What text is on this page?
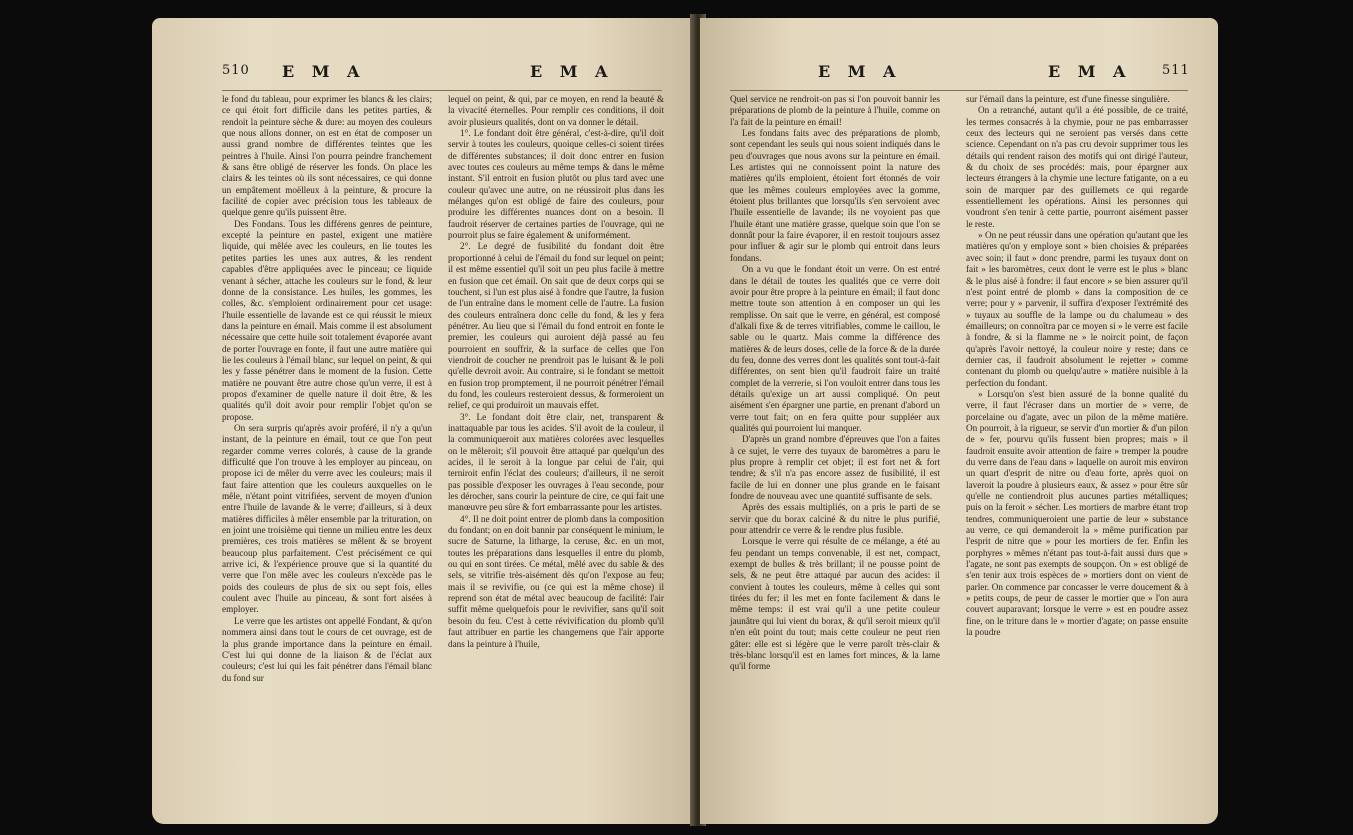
510 E M A	E M A

le fond du tableau, pour exprimer les blancs & les clairs; ce qui étoit fort difficile dans les petites parties, & rendoit la peinture sèche & dure: au moyen des couleurs que nous allons donner, on est en état de composer un aussi grand nombre de différentes teintes que les peintres à l'huile. Ainsi l'on pourra peindre franchement & sans être obligé de réserver les fonds. On place les clairs & les teintes où ils sont nécessaires, ce qui donne un empâtement moëlleux à la peinture, & procure la facilité de copier avec précision tous les tableaux de quelque genre qu'ils puissent être.

Des Fondans. Tous les différens genres de peinture, excepté la peinture en pastel, exigent une matière liquide, qui mêlée avec les couleurs, en lie toutes les petites parties les unes aux autres, & les rendent capables d'être appliquées avec le pinceau; ce liquide venant à sécher, attache les couleurs sur le fond, & leur donne de la consistance. Les huiles, les gommes, les colles, &c. s'emploient ordinairement pour cet usage: l'huile essentielle de lavande est ce qui réussit le mieux dans la peinture en émail. Mais comme il est absolument nécessaire que cette huile soit totalement évaporée avant de porter l'ouvrage en fonte, il faut une autre matière qui lie les couleurs à l'émail blanc, sur lequel on peint, & qui les y fasse pénétrer dans le moment de la fusion. Cette matière ne pouvant être autre chose qu'un verre, il est à propos d'examiner de quelle nature il doit être, & les qualités qu'il doit avoir pour remplir l'objet qu'on se propose.

On sera surpris qu'après avoir proféré, il n'y a qu'un instant, de la peinture en émail, tout ce que l'on peut regarder comme verres colorés, à cause de la grande difficulté que l'on trouve à les employer au pinceau, on propose ici de mêler du verre avec les couleurs; mais il faut faire attention que les couleurs auxquelles on le mêle, n'étant point vitrifiées, servent de moyen d'union entre l'huile de lavande & le verre; d'ailleurs, si à deux matières difficiles à mêler ensemble par la trituration, on en joint une troisième qui tienne un milieu entre les deux premières, ces trois matières se mêlent & se broyent beaucoup plus parfaitement. C'est précisément ce qui arrive ici, & l'expérience prouve que si la quantité du verre que l'on mêle avec les couleurs n'excède pas le poids des couleurs de plus de six ou sept fois, elles coulent avec l'huile au pinceau, & sont fort aisées à employer.

Le verre que les artistes ont appellé Fondant, & qu'on nommera ainsi dans tout le cours de cet ouvrage, est de la plus grande importance dans la peinture en émail. C'est lui qui donne de la liaison & de l'éclat aux couleurs; c'est lui qui les fait pénétrer dans l'émail blanc du fond sur

lequel on peint, & qui, par ce moyen, en rend la beauté & la vivacité éternelles. Pour remplir ces conditions, il doit avoir plusieurs qualités, dont on va donner le détail.

1°. Le fondant doit être général, c'est-à-dire, qu'il doit servir à toutes les couleurs, quoique celles-ci soient tirées de différentes substances; il doit donc entrer en fusion avec toutes ces couleurs au même temps & dans le même instant. S'il entroit en fusion plutôt ou plus tard avec une couleur qu'avec une autre, on ne réussiroit plus dans les mélanges qu'on est obligé de faire des couleurs, pour produire les différentes nuances dont on a besoin. Il faudroit réserver de certaines parties de l'ouvrage, qui ne pourroit plus se faire également & uniformément.

2°. Le degré de fusibilité du fondant doit être proportionné à celui de l'émail du fond sur lequel on peint; il est même essentiel qu'il soit un peu plus facile à mettre en fusion que cet émail. On sait que de deux corps qui se touchent, si l'un est plus aisé à fondre que l'autre, la fusion de l'un entraîne dans le moment celle de l'autre. La fusion des couleurs entraînera donc celle du fond, & les y fera pénétrer. Au lieu que si l'émail du fond entroit en fonte le premier, les couleurs qui auroient déjà passé au feu pourroient en souffrir, & la surface de celles que l'on viendroit de coucher ne prendroit pas le luisant & le poli qu'elle devroit avoir. Au contraire, si le fondant se mettoit en fusion trop promptement, il ne pourroit pénétrer l'émail du fond, les couleurs resteroient dessus, & formeroient un relief, ce qui produiroit un mauvais effet.

3°. Le fondant doit être clair, net, transparent & inattaquable par tous les acides. S'il avoit de la couleur, il la communiqueroit aux matières colorées avec lesquelles on le mêleroit; s'il pouvoit être attaqué par quelqu'un des acides, il le seroit à la longue par celui de l'air, qui terniroit enfin l'éclat des couleurs; d'ailleurs, il ne seroit pas possible d'exposer les ouvrages à l'eau seconde, pour les dérocher, sans courir la peinture de cire, ce qui fait une manœuvre peu sûre & fort embarrassante pour les artistes.

4°. Il ne doit point entrer de plomb dans la composition du fondant; on en doit bannir par conséquent le minium, le sucre de Saturne, la litharge, la ceruse, &c. en un mot, toutes les préparations dans lesquelles il entre du plomb, ou qui en sont tirées. Ce métal, mêlé avec du sable & des sels, se vitrifie très-aisément dès qu'on l'expose au feu; mais il se revivifie, ou (ce qui est la même chose) il reprend son état de métal avec beaucoup de facilité: l'air suffit même quelquefois pour le revivifier, sans qu'il soit besoin du feu. C'est à cette révivification du plomb qu'il faut attribuer en partie les changemens que l'air apporte dans la peinture à l'huile,

E M A	E M A 511

Quel service ne rendroit-on pas si l'on pouvoit bannir les préparations de plomb de la peinture à l'huile, comme on l'a fait de la peinture en émail!

Les fondans faits avec des préparations de plomb, sont cependant les seuls qui nous soient indiqués dans le peu d'ouvrages que nous avons sur la peinture en émail. Les artistes qui ne connoissent point la nature des matières qu'ils emploient, étoient fort étonnés de voir que les mêmes couleurs employées avec la gomme, étoient plus brillantes que lorsqu'ils s'en servoient avec l'huile essentielle de lavande; ils ne voyoient pas que l'huile étant une matière grasse, quelque soin que l'on se donnât pour la faire évaporer, il en restoit toujours assez pour influer & agir sur le plomb qui entroit dans leurs fondans.

On a vu que le fondant étoit un verre. On est entré dans le détail de toutes les qualités que ce verre doit avoir pour être propre à la peinture en émail; il faut donc mettre toute son attention à en composer un qui les remplisse. On sait que le verre, en général, est composé d'alkali fixe & de terres vitrifiables, comme le caillou, le sable ou le quartz. Mais comme la différence des matières & de leurs doses, celle de la force & de la durée du feu, donne des verres dont les qualités sont tout-à-fait différentes, on sent bien qu'il faudroit faire un traité complet de la verrerie, si l'on vouloit entrer dans tous les détails qu'exige un art aussi compliqué. On peut aisément s'en épargner une partie, en prenant d'abord un verre tout fait; on en fera quitte pour suppléer aux qualités qui pourroient lui manquer.

D'après un grand nombre d'épreuves que l'on a faites à ce sujet, le verre des tuyaux de baromètres a paru le plus propre à remplir cet objet; il est fort net & fort tendre; & s'il n'a pas encore assez de fusibilité, il est facile de lui en donner une plus grande en le faisant fondre de nouveau avec une quantité suffisante de sels.

Après des essais multipliés, on a pris le parti de se servir que du borax calciné & du nitre le plus purifié, pour attendrir ce verre & le rendre plus fusible.

Lorsque le verre qui résulte de ce mélange, a été au feu pendant un temps convenable, il est net, compact, exempt de bulles & très brillant; il ne pousse point de sels, & ne peut être attaqué par aucun des acides: il convient à toutes les couleurs, même à celles qui sont tirées du fer; il les met en fonte facilement & dans le même temps: il est vrai qu'il a une petite couleur jaunâtre qui lui vient du borax, & qu'il seroit mieux qu'il n'en eût point du tout; mais cette couleur ne peut rien gâter: elle est si légère que le verre paroît très-clair & très-blanc lorsqu'il est en lames fort minces, & la lame qu'il forme

sur l'émail dans la peinture, est d'une finesse singulière.

On a retranché, autant qu'il a été possible, de ce traité, les termes consacrés à la chymie, pour ne pas embarrasser ceux des lecteurs qui ne seroient pas versés dans cette science. Cependant on n'a pas cru devoir supprimer tous les détails qui rendent raison des motifs qui ont dirigé l'auteur, & du choix de ses procédés: mais, pour épargner aux lecteurs étrangers à la chymie une lecture fatigante, on a eu soin de marquer par des guillemets ce qui regarde essentiellement les opérations. Ainsi les personnes qui voudront s'en tenir à cette partie, pourront aisément passer le reste.

» On ne peut réussir dans une opération qu'autant que les matières qu'on y employe sont » bien choisies & préparées avec soin; il faut » donc prendre, parmi les tuyaux dont on fait » les baromètres, ceux dont le verre est le plus » blanc & le plus aisé à fondre: il faut encore » se bien assurer qu'il n'est point entré de plomb » dans la composition de ce verre; pour y » parvenir, il suffira d'exposer l'extrémité des » tuyaux au souffle de la lampe ou du chalumeau » des émailleurs; on connoîtra par ce moyen si » le verre est facile à fondre, & si la flamme ne » le noircit point, de façon qu'après l'avoir nettoyé, la couleur noire y reste; dans ce dernier cas, il faudroit absolument le rejetter » comme contenant du plomb ou quelqu'autre » matière nuisible à la perfection du fondant.

» Lorsqu'on s'est bien assuré de la bonne qualité du verre, il faut l'écraser dans un mortier de » verre, de porcelaine ou d'agate, avec un pilon de la même matière. On pourroit, à la rigueur, se servir d'un mortier & d'un pilon de » fer, pourvu qu'ils fussent bien propres; mais » il faudroit ensuite avoir attention de faire » tremper la poudre du verre dans de l'eau dans » laquelle on auroit mis environ un quart d'esprit de nitre ou d'eau forte, après quoi on laveroit la poudre à plusieurs eaux, & assez » pour être sûr qu'elle ne contiendroit plus aucunes parties métalliques; puis on la feroit » sécher. Les mortiers de marbre étant trop tendres, communiqueroient une partie de leur » substance au verre, ce qui demanderoit la » même purification par l'esprit de nitre que » pour les mortiers de fer. Enfin les porphyres » mêmes n'étant pas tout-à-fait aussi durs que » l'agate, ne sont pas exempts de soupçon. On » est obligé de s'en tenir aux trois espèces de » mortiers dont on vient de parler. On commence par concasser le verre doucement & à » petits coups, de peur de casser le mortier que » l'on aura couvert auparavant; lorsque le verre » est en poudre assez fine, on le triture dans le » mortier d'agate; on passe ensuite la poudre
